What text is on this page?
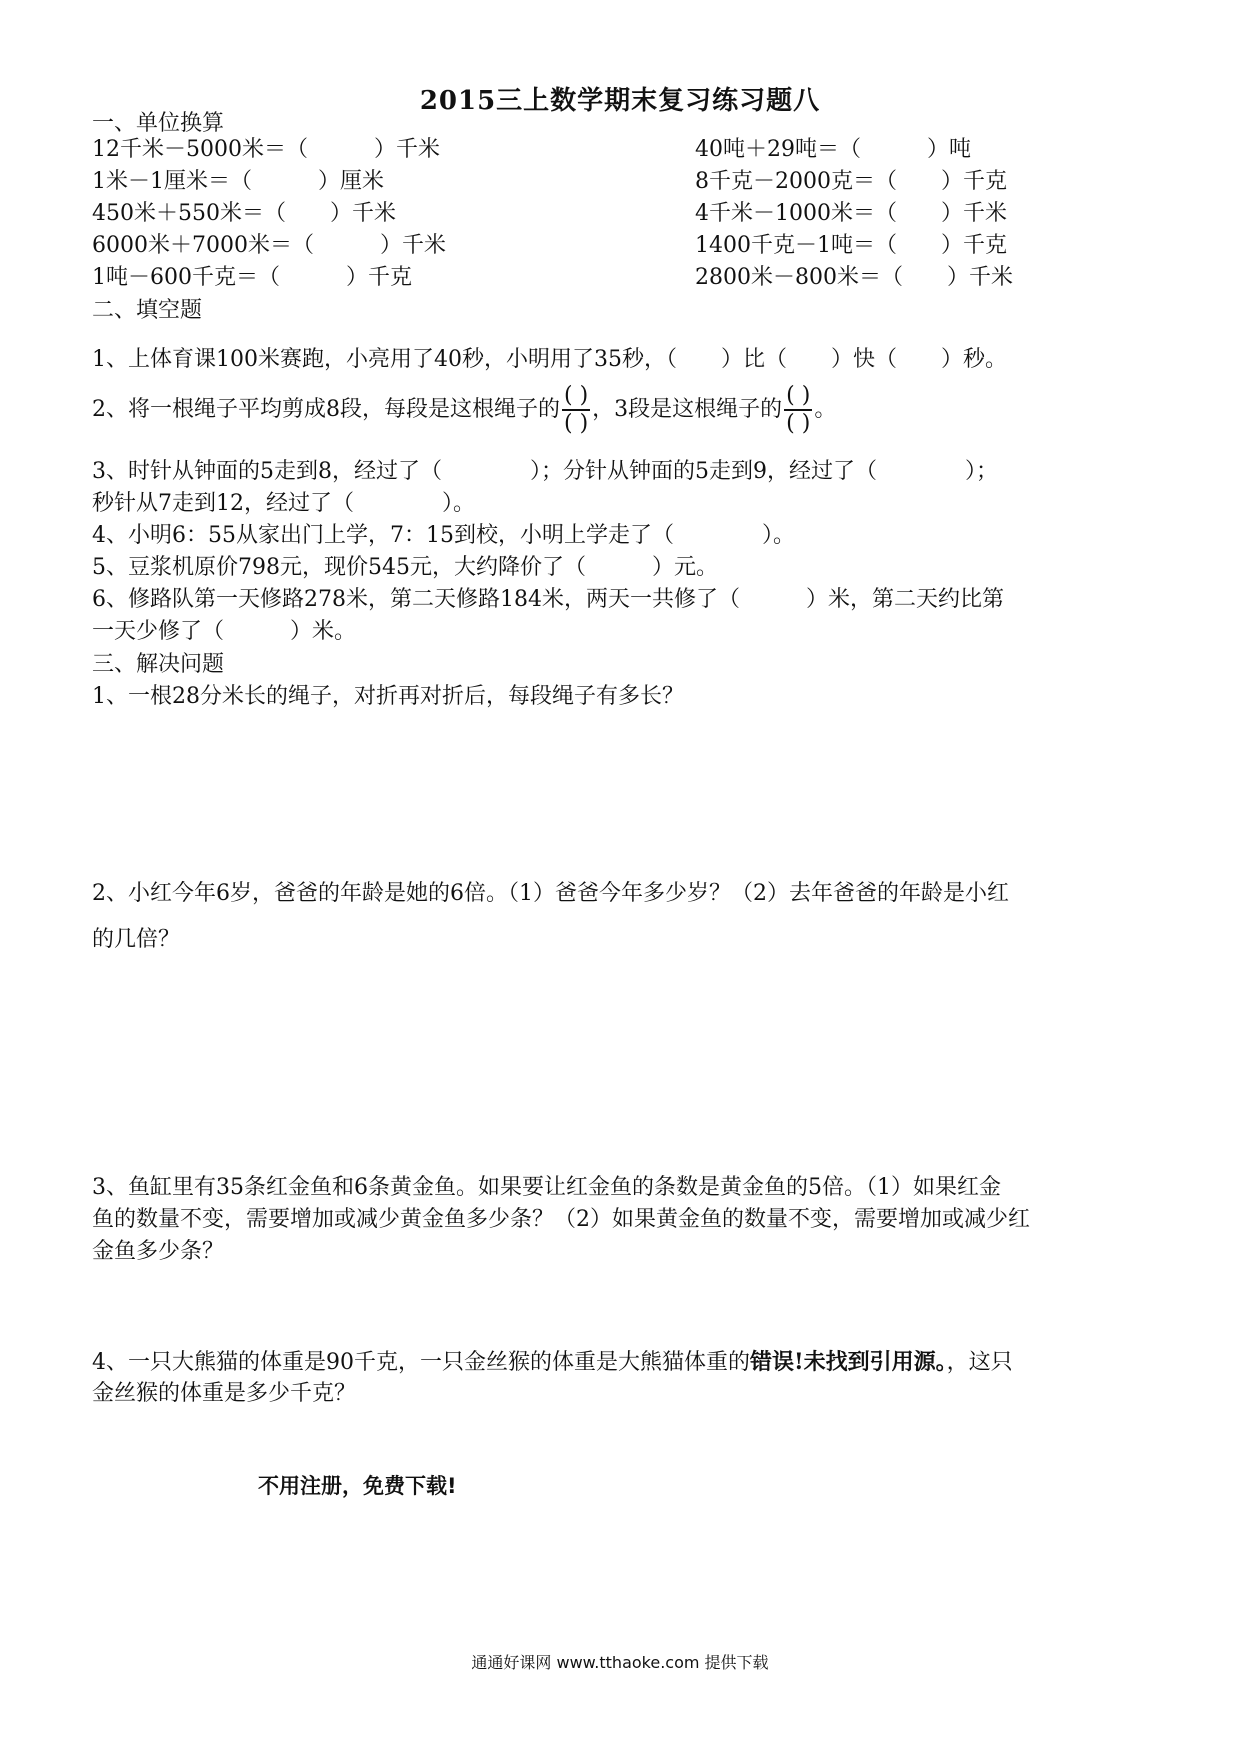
2015三上数学期末复习练习题八
一、单位换算
12千米－5000米＝（　　　）千米	40吨＋29吨＝（　　　）吨
1米－1厘米＝（　　　）厘米	8千克－2000克＝（　　）千克
450米＋550米＝（　　）千米	4千米－1000米＝（　　）千米
6000米＋7000米＝（　　　）千米	1400千克－1吨＝（　　）千克
1吨－600千克＝（　　　）千克	2800米－800米＝（　　）千米
二、填空题
1、上体育课100米赛跑，小亮用了40秒，小明用了35秒，（　　）比（　　）快（　　）秒。
2、将一根绳子平均剪成8段，每段是这根绳子的 $\frac{( )}{( )}$ ，3段是这根绳子的 $\frac{( )}{( )}$ 。
3、时针从钟面的5走到8，经过了（　　　　）；分针从钟面的5走到9，经过了（　　　　）；
秒针从7走到12，经过了（　　　　）。
4、小明6：55从家出门上学，7：15到校，小明上学走了（　　　　）。
5、豆浆机原价798元，现价545元，大约降价了（　　　）元。
6、修路队第一天修路278米，第二天修路184米，两天一共修了（　　　）米，第二天约比第
一天少修了（　　　）米。
三、解决问题
1、一根28分米长的绳子，对折再对折后，每段绳子有多长？
2、小红今年6岁，爸爸的年龄是她的6倍。（1）爸爸今年多少岁？（2）去年爸爸的年龄是小红
的几倍？
3、鱼缸里有35条红金鱼和6条黄金鱼。如果要让红金鱼的条数是黄金鱼的5倍。（1）如果红金
鱼的数量不变，需要增加或减少黄金鱼多少条？（2）如果黄金鱼的数量不变，需要增加或减少红
金鱼多少条？
4、一只大熊猫的体重是90千克，一只金丝猴的体重是大熊猫体重的错误!未找到引用源。，这只
金丝猴的体重是多少千克？
不用注册，免费下载!
通通好课网 www.tthaoke.com 提供下载
